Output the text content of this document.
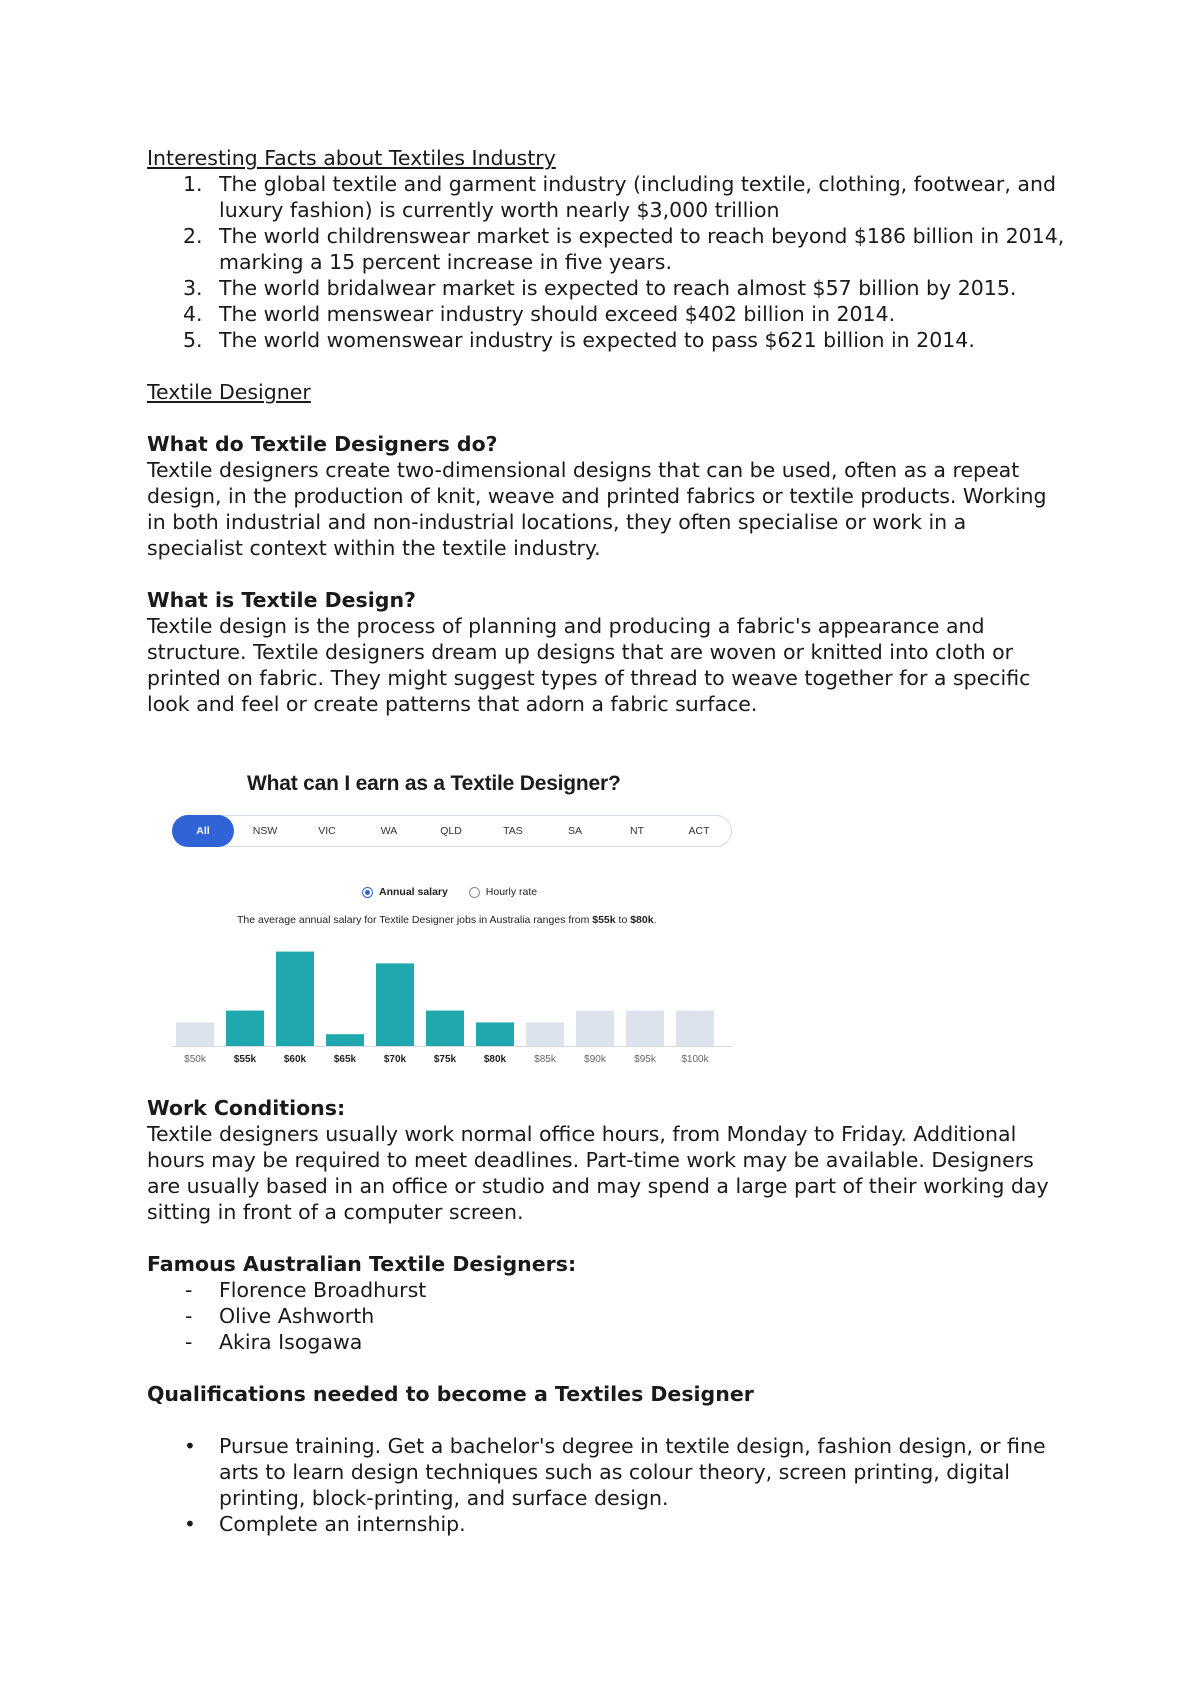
Interesting Facts about Textiles Industry
1. The global textile and garment industry (including textile, clothing, footwear, and luxury fashion) is currently worth nearly $3,000 trillion
2. The world childrenswear market is expected to reach beyond $186 billion in 2014, marking a 15 percent increase in five years.
3. The world bridalwear market is expected to reach almost $57 billion by 2015.
4. The world menswear industry should exceed $402 billion in 2014.
5. The world womenswear industry is expected to pass $621 billion in 2014.
Textile Designer
What do Textile Designers do?
Textile designers create two-dimensional designs that can be used, often as a repeat design, in the production of knit, weave and printed fabrics or textile products. Working in both industrial and non-industrial locations, they often specialise or work in a specialist context within the textile industry.
What is Textile Design?
Textile design is the process of planning and producing a fabric's appearance and structure. Textile designers dream up designs that are woven or knitted into cloth or printed on fabric. They might suggest types of thread to weave together for a specific look and feel or create patterns that adorn a fabric surface.
What can I earn as a Textile Designer?
All	NSW	VIC	WA	QLD	TAS	SA	NT	ACT
Annual salary
	Hourly rate
The average annual salary for Textile Designer jobs in Australia ranges from $55k to $80k.
$50k	$55k	$60k	$65k	$70k	$75k	$80k	$85k	$90k	$95k	$100k
Work Conditions:
Textile designers usually work normal office hours, from Monday to Friday. Additional hours may be required to meet deadlines. Part-time work may be available. Designers are usually based in an office or studio and may spend a large part of their working day sitting in front of a computer screen.
Famous Australian Textile Designers:
- Florence Broadhurst
- Olive Ashworth
- Akira Isogawa
Qualifications needed to become a Textiles Designer
• Pursue training. Get a bachelor's degree in textile design, fashion design, or fine arts to learn design techniques such as colour theory, screen printing, digital printing, block-printing, and surface design.
• Complete an internship.
